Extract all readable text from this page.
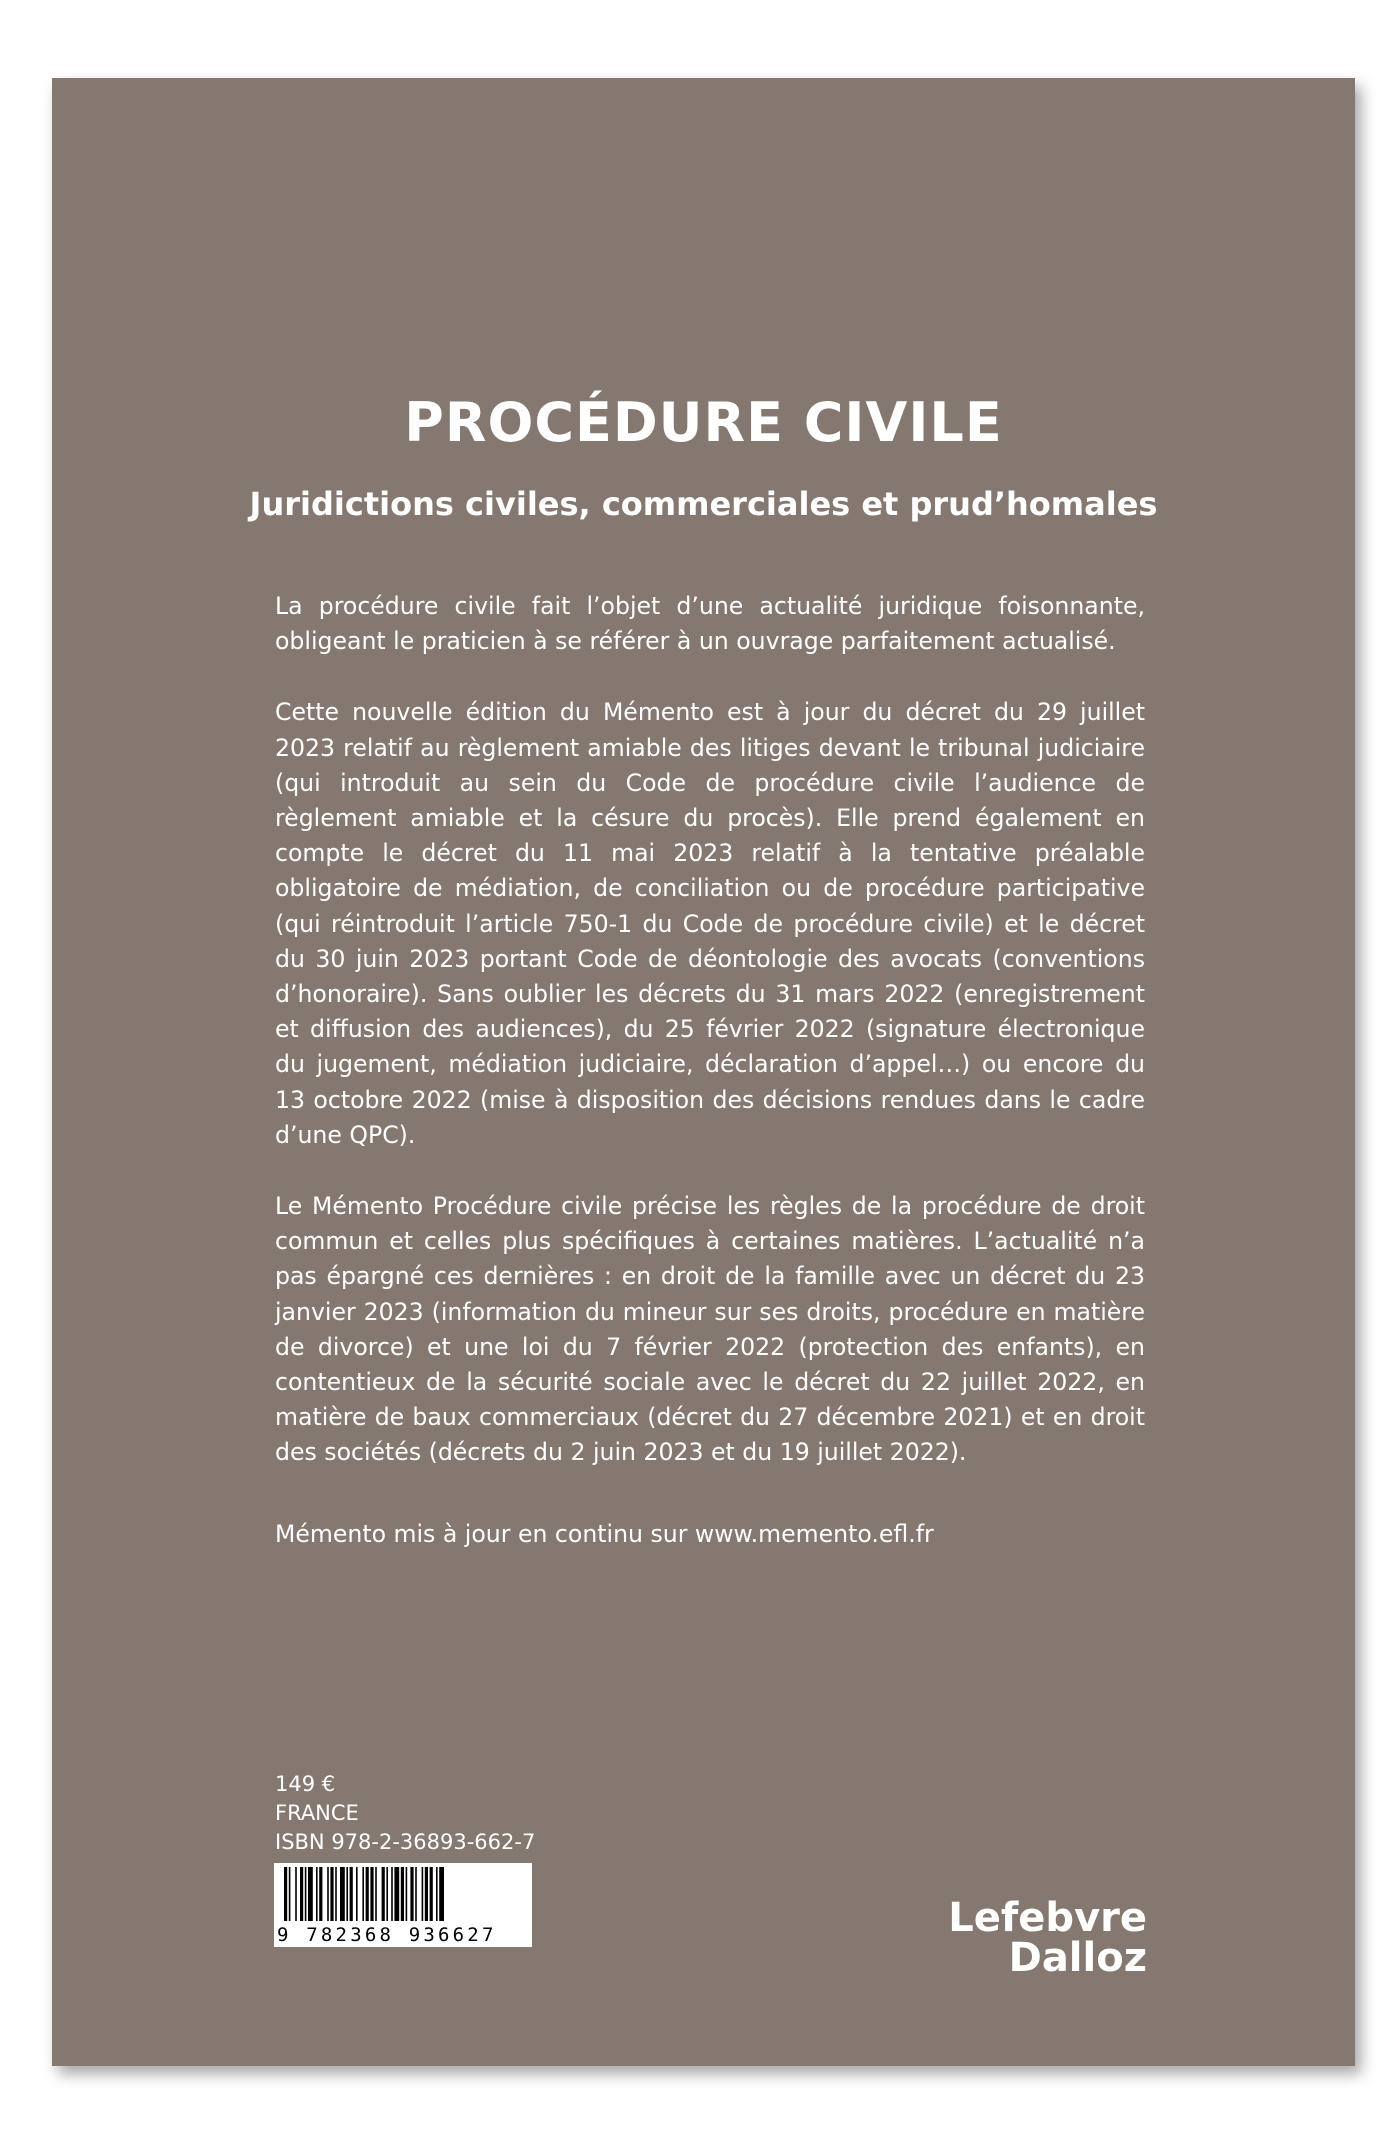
PROCÉDURE CIVILE
Juridictions civiles, commerciales et prud’homales

La procédure civile fait l’objet d’une actualité juridique foisonnante, obligeant le praticien à se référer à un ouvrage parfaitement actualisé.

Cette nouvelle édition du Mémento est à jour du décret du 29 juillet 2023 relatif au règlement amiable des litiges devant le tribunal judiciaire (qui introduit au sein du Code de procédure civile l’audience de règlement amiable et la césure du procès). Elle prend également en compte le décret du 11 mai 2023 relatif à la tentative préalable obligatoire de médiation, de conciliation ou de procédure participative (qui réintroduit l’article 750-1 du Code de procédure civile) et le décret du 30 juin 2023 portant Code de déontologie des avocats (conventions d’honoraire). Sans oublier les décrets du 31 mars 2022 (enregistrement et diffusion des audiences), du 25 février 2022 (signature électronique du jugement, médiation judiciaire, déclaration d’appel…) ou encore du 13 octobre 2022 (mise à disposition des décisions rendues dans le cadre d’une QPC).

Le Mémento Procédure civile précise les règles de la procédure de droit commun et celles plus spécifiques à certaines matières. L’actualité n’a pas épargné ces dernières : en droit de la famille avec un décret du 23 janvier 2023 (information du mineur sur ses droits, procédure en matière de divorce) et une loi du 7 février 2022 (protection des enfants), en contentieux de la sécurité sociale avec le décret du 22 juillet 2022, en matière de baux commerciaux (décret du 27 décembre 2021) et en droit des sociétés (décrets du 2 juin 2023 et du 19 juillet 2022).

Mémento mis à jour en continu sur www.memento.efl.fr

149 €
FRANCE
ISBN 978-2-36893-662-7
9 782368 936627	Lefebvre Dalloz
